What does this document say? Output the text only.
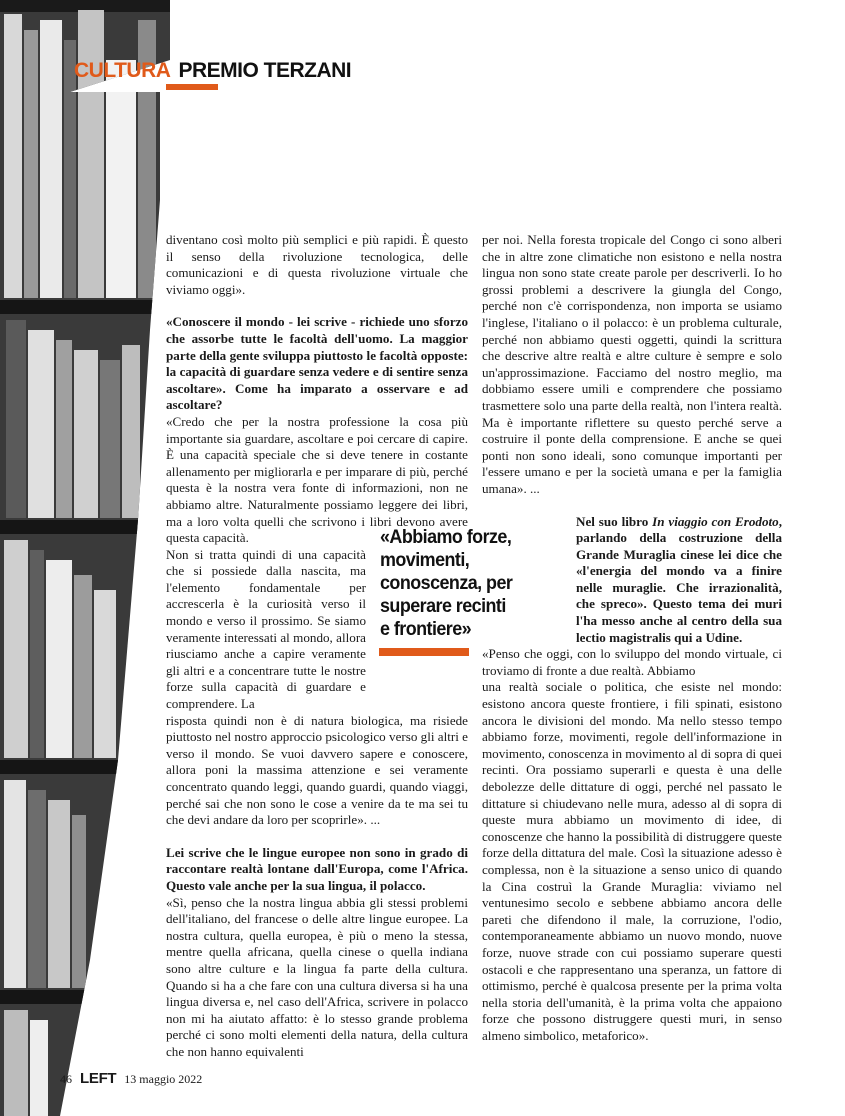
CULTURA PREMIO TERZANI

diventano così molto più semplici e più rapidi. È questo il senso della rivoluzione tecnologica, delle comunicazioni e di questa rivoluzione virtuale che viviamo oggi».

«Conoscere il mondo - lei scrive - richiede uno sforzo che assorbe tutte le facoltà dell'uomo. La maggior parte della gente sviluppa piuttosto le facoltà opposte: la capacità di guardare senza vedere e di sentire senza ascoltare». Come ha imparato a osservare e ad ascoltare?

«Credo che per la nostra professione la cosa più importante sia guardare, ascoltare e poi cercare di capire. È una capacità speciale che si deve tenere in costante allenamento per migliorarla e per imparare di più, perché questa è la nostra vera fonte di informazioni, non ne abbiamo altre. Naturalmente possiamo leggere dei libri, ma a loro volta quelli che scrivono i libri devono avere questa capacità.

Non si tratta quindi di una capacità che si possiede dalla nascita, ma l'elemento fondamentale per accrescerla è la curiosità verso il mondo e verso il prossimo. Se siamo veramente interessati al mondo, allora riusciamo anche a capire veramente gli altri e a concentrare tutte le nostre forze sulla capacità di guardare e comprendere. La

risposta quindi non è di natura biologica, ma risiede piuttosto nel nostro approccio psicologico verso gli altri e verso il mondo. Se vuoi davvero sapere e conoscere, allora poni la massima attenzione e sei veramente concentrato quando leggi, quando guardi, quando viaggi, perché sai che non sono le cose a venire da te ma sei tu che devi andare da loro per scoprirle». ...

Lei scrive che le lingue europee non sono in grado di raccontare realtà lontane dall'Europa, come l'Africa. Questo vale anche per la sua lingua, il polacco.

«Sì, penso che la nostra lingua abbia gli stessi problemi dell'italiano, del francese o delle altre lingue europee. La nostra cultura, quella europea, è più o meno la stessa, mentre quella africana, quella cinese o quella indiana sono altre culture e la lingua fa parte della cultura. Quando si ha a che fare con una cultura diversa si ha una lingua diversa e, nel caso dell'Africa, scrivere in polacco non mi ha aiutato affatto: è lo stesso grande problema perché ci sono molti elementi della natura, della cultura che non hanno equivalenti

per noi. Nella foresta tropicale del Congo ci sono alberi che in altre zone climatiche non esistono e nella nostra lingua non sono state create parole per descriverli. Io ho grossi problemi a descrivere la giungla del Congo, perché non c'è corrispondenza, non importa se usiamo l'inglese, l'italiano o il polacco: è un problema culturale, perché non abbiamo questi oggetti, quindi la scrittura che descrive altre realtà e altre culture è sempre e solo un'approssimazione. Facciamo del nostro meglio, ma dobbiamo essere umili e comprendere che possiamo trasmettere solo una parte della realtà, non l'intera realtà. Ma è importante riflettere su questo perché serve a costruire il ponte della comprensione. E anche se quei ponti non sono ideali, sono comunque importanti per l'essere umano e per la società umana e per la famiglia umana». ...

Nel suo libro In viaggio con Erodoto, parlando della costruzione della Grande Muraglia cinese lei dice che «l'energia del mondo va a finire nelle muraglie. Che irrazionalità, che spreco». Questo tema dei muri l'ha messo anche al centro della sua lectio magistralis qui a Udine.

«Penso che oggi, con lo sviluppo del mondo virtuale, ci troviamo di fronte a due realtà. Abbiamo

una realtà sociale o politica, che esiste nel mondo: esistono ancora queste frontiere, i fili spinati, esistono ancora le divisioni del mondo. Ma nello stesso tempo abbiamo forze, movimenti, regole dell'informazione in movimento, conoscenza in movimento al di sopra di quei recinti. Ora possiamo superarli e questa è una delle debolezze delle dittature di oggi, perché nel passato le dittature si chiudevano nelle mura, adesso al di sopra di queste mura abbiamo un movimento di idee, di conoscenze che hanno la possibilità di distruggere queste forze della dittatura del male. Così la situazione adesso è complessa, non è la situazione a senso unico di quando la Cina costruì la Grande Muraglia: viviamo nel ventunesimo secolo e sebbene abbiamo ancora delle pareti che difendono il male, la corruzione, l'odio, contemporaneamente abbiamo un nuovo mondo, nuove forze, nuove strade con cui possiamo superare questi ostacoli e che rappresentano una speranza, un fattore di ottimismo, perché è qualcosa presente per la prima volta nella storia dell'umanità, è la prima volta che appaiono forze che possono distruggere questi muri, in senso almeno simbolico, metaforico».

«Abbiamo forze, movimenti, conoscenza, per superare recinti e frontiere»
46 LEFT 13 maggio 2022
